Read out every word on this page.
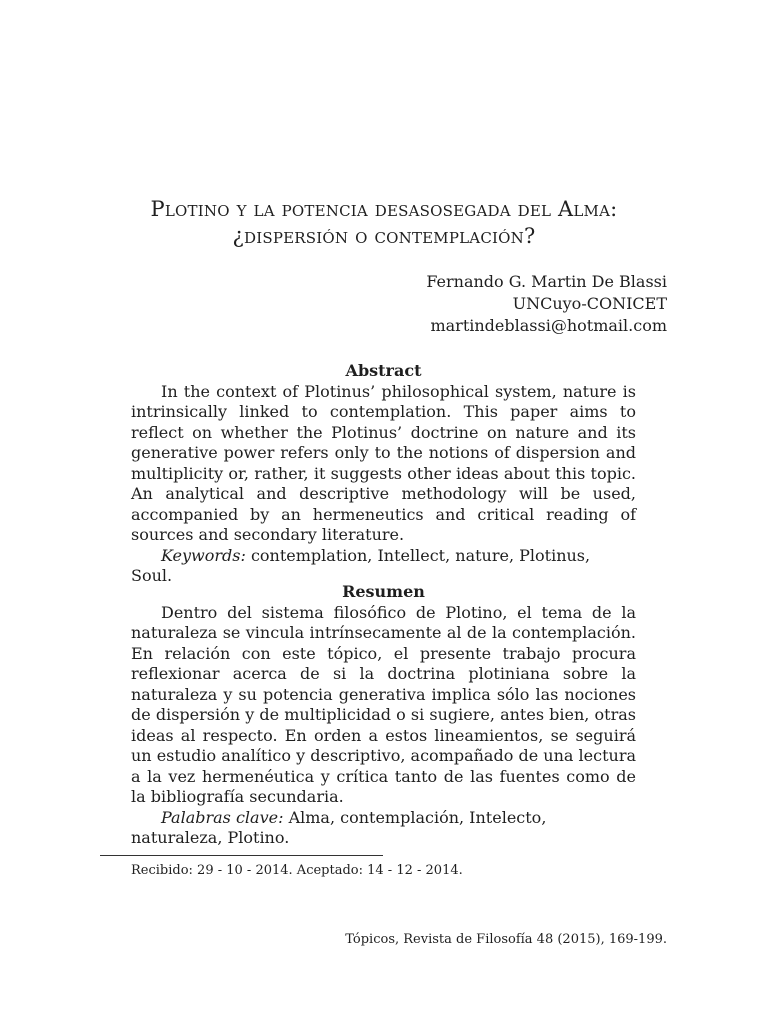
Plotino y la potencia desasosegada del Alma:
¿dispersión o contemplación?
Fernando G. Martin De Blassi
UNCuyo-CONICET
martindeblassi@hotmail.com
Abstract
In the context of Plotinus’ philosophical system, nature is intrinsically linked to contemplation. This paper aims to reflect on whether the Plotinus’ doctrine on nature and its generative power refers only to the notions of dispersion and multiplicity or, rather, it suggests other ideas about this topic. An analytical and descriptive methodology will be used, accompanied by an hermeneutics and critical reading of sources and secondary literature.
Keywords: contemplation, Intellect, nature, Plotinus, Soul.
Resumen
Dentro del sistema filosófico de Plotino, el tema de la naturaleza se vincula intrínsecamente al de la contemplación. En relación con este tópico, el presente trabajo procura reflexionar acerca de si la doctrina plotiniana sobre la naturaleza y su potencia generativa implica sólo las nociones de dispersión y de multiplicidad o si sugiere, antes bien, otras ideas al respecto. En orden a estos lineamientos, se seguirá un estudio analítico y descriptivo, acompañado de una lectura a la vez hermenéutica y crítica tanto de las fuentes como de la bibliografía secundaria.
Palabras clave: Alma, contemplación, Intelecto, naturaleza, Plotino.
Recibido: 29 - 10 - 2014. Aceptado: 14 - 12 - 2014.
Tópicos, Revista de Filosofía 48 (2015), 169-199.
